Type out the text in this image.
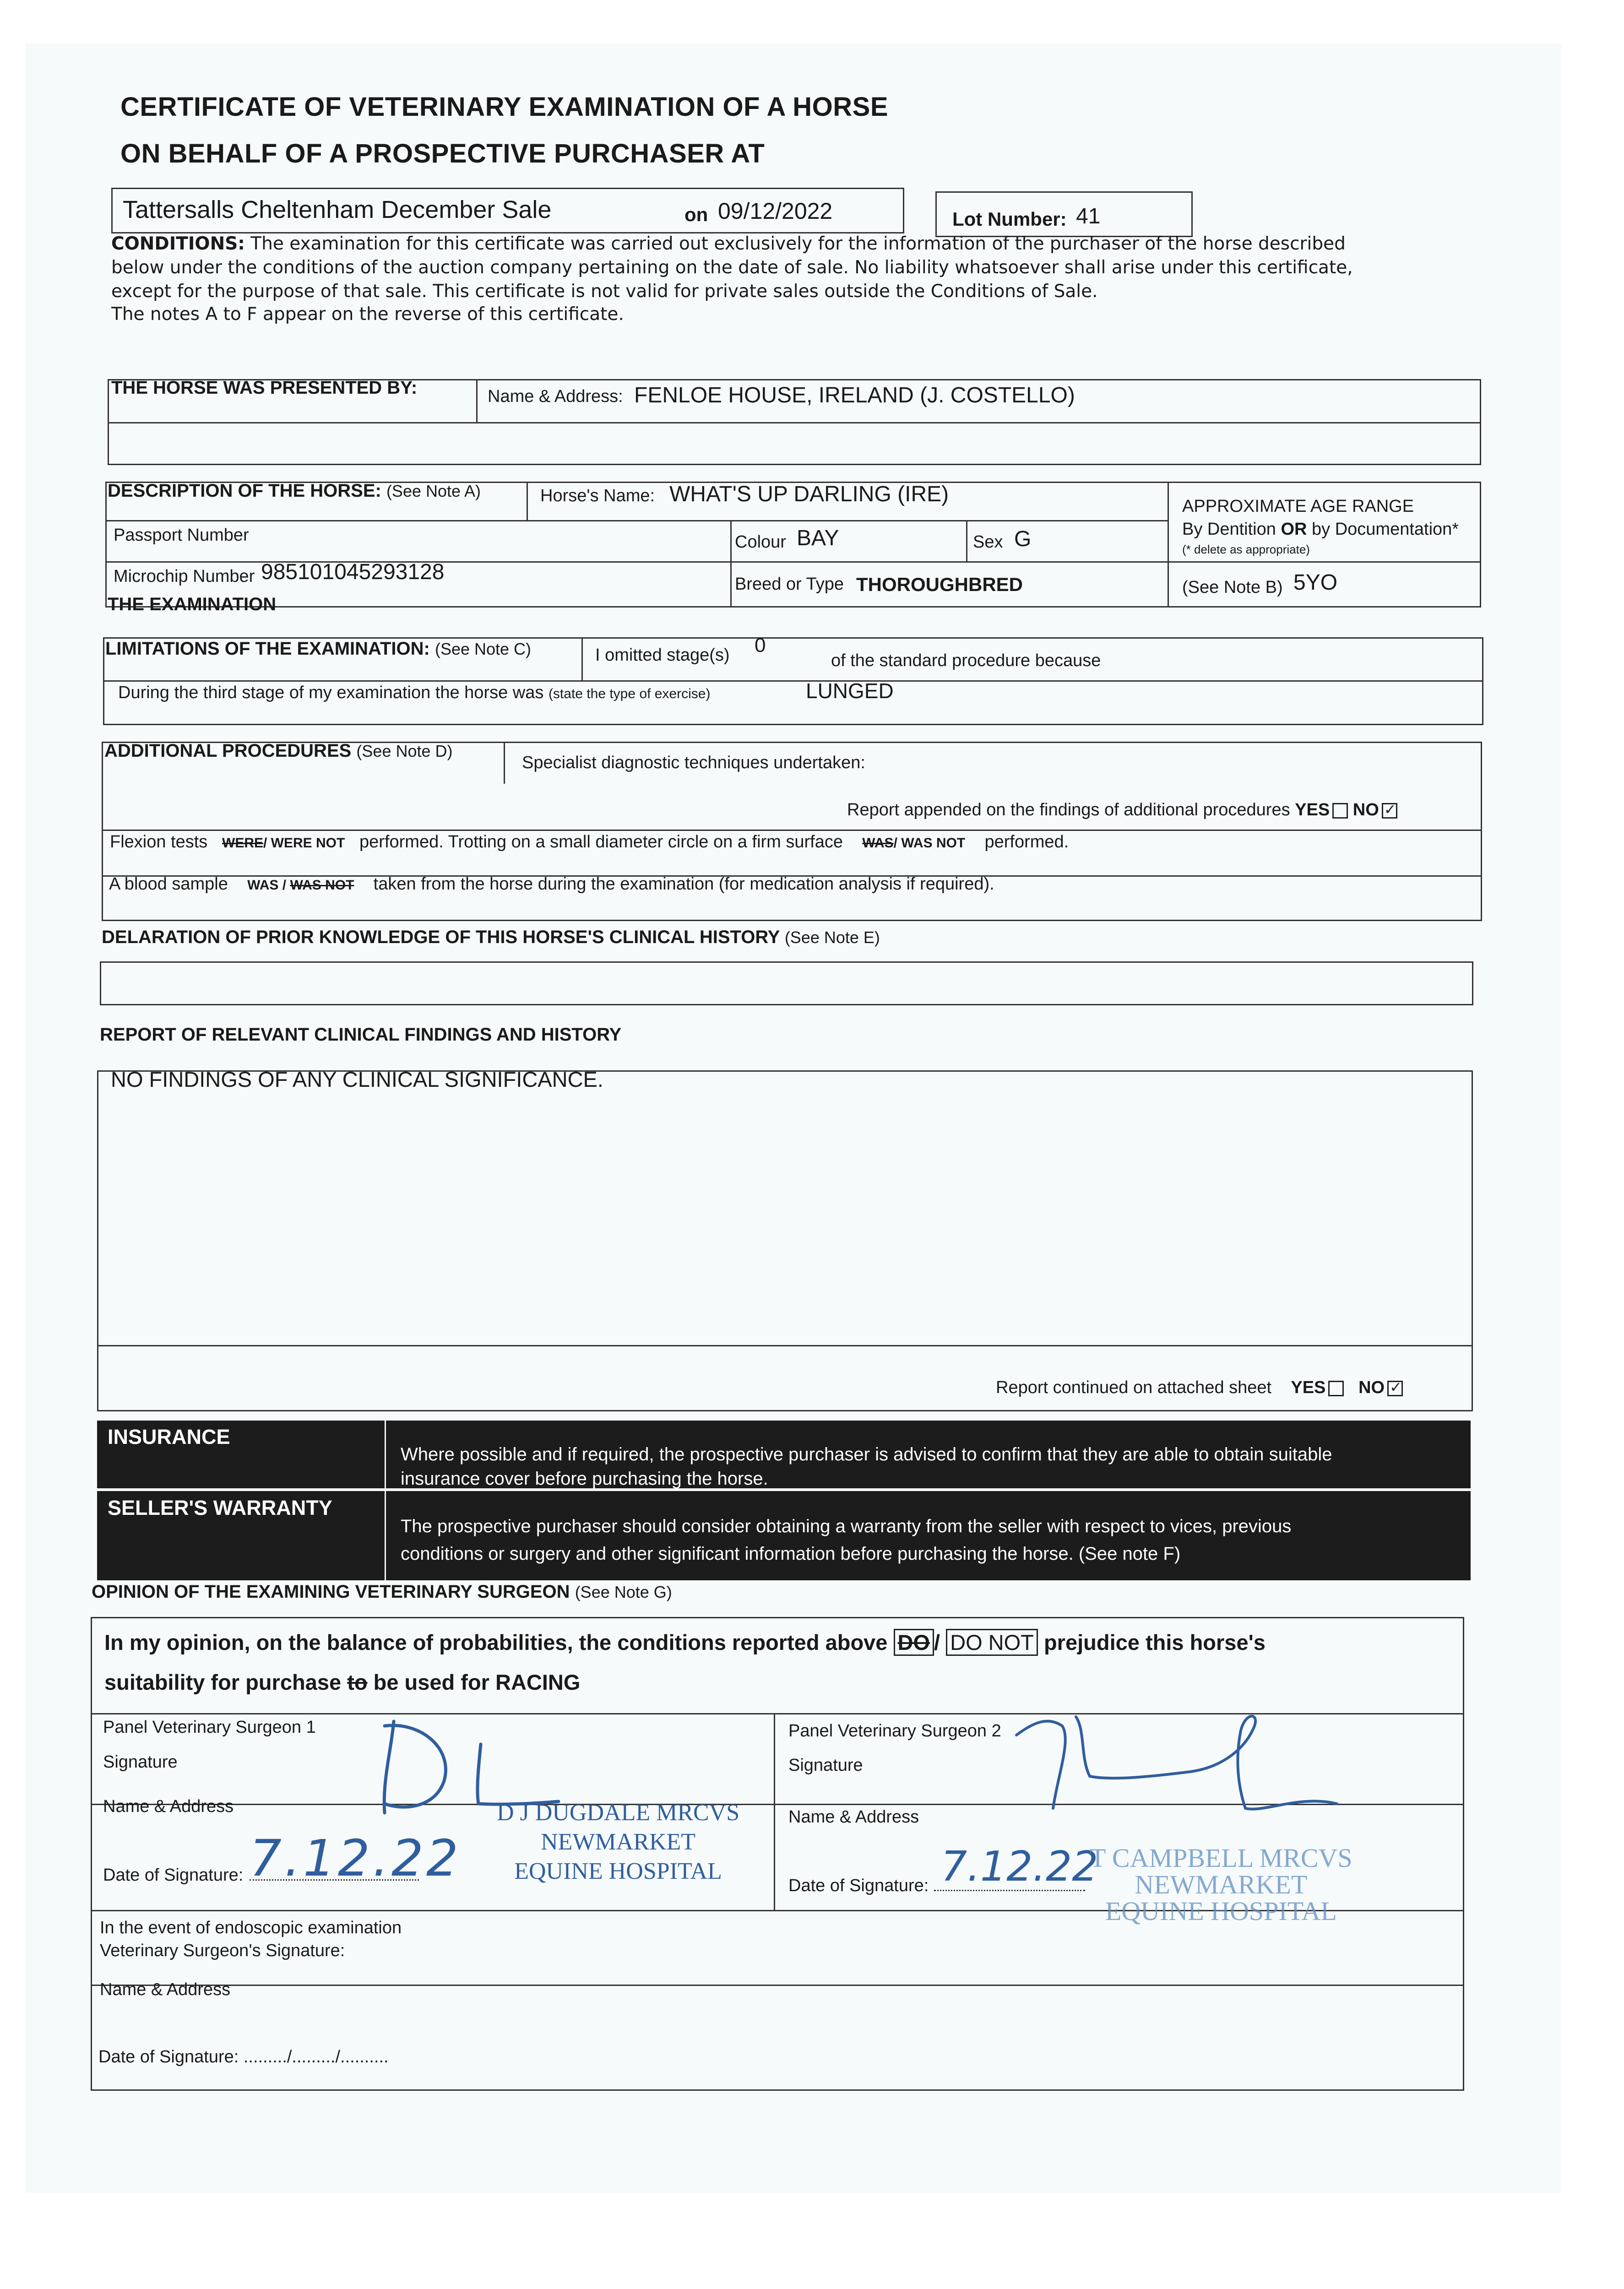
CERTIFICATE OF VETERINARY EXAMINATION OF A HORSE
ON BEHALF OF A PROSPECTIVE PURCHASER AT
Tattersalls Cheltenham December Sale	on 09/12/2022	Lot Number: 41
CONDITIONS: The examination for this certificate was carried out exclusively for the information of the purchaser of the horse described
below under the conditions of the auction company pertaining on the date of sale. No liability whatsoever shall arise under this certificate,
except for the purpose of that sale. This certificate is not valid for private sales outside the Conditions of Sale.
The notes A to F appear on the reverse of this certificate.
THE HORSE WAS PRESENTED BY:	Name & Address: FENLOE HOUSE, IRELAND (J. COSTELLO)
DESCRIPTION OF THE HORSE: (See Note A)	Horse's Name: WHAT'S UP DARLING (IRE)
Passport Number	Colour BAY	Sex G
Microchip Number 985101045293128	Breed or Type THOROUGHBRED
APPROXIMATE AGE RANGE
By Dentition OR by Documentation*
(* delete as appropriate)
(See Note B) 5YO
THE EXAMINATION
LIMITATIONS OF THE EXAMINATION: (See Note C)	I omitted stage(s) 0
of the standard procedure because
During the third stage of my examination the horse was (state the type of exercise)	LUNGED
ADDITIONAL PROCEDURES (See Note D)
Specialist diagnostic techniques undertaken:
Report appended on the findings of additional procedures YES NO✓
Flexion tests WERE/ WERE NOT performed. Trotting on a small diameter circle on a firm surface WAS/ WAS NOT performed.
A blood sample WAS / WAS NOT taken from the horse during the examination (for medication analysis if required).
DELARATION OF PRIOR KNOWLEDGE OF THIS HORSE'S CLINICAL HISTORY (See Note E)
REPORT OF RELEVANT CLINICAL FINDINGS AND HISTORY
NO FINDINGS OF ANY CLINICAL SIGNIFICANCE.
Report continued on attached sheet YES NO✓
INSURANCE
Where possible and if required, the prospective purchaser is advised to confirm that they are able to obtain suitable
insurance cover before purchasing the horse.
SELLER'S WARRANTY
The prospective purchaser should consider obtaining a warranty from the seller with respect to vices, previous
conditions or surgery and other significant information before purchasing the horse. (See note F)
OPINION OF THE EXAMINING VETERINARY SURGEON (See Note G)
In my opinion, on the balance of probabilities, the conditions reported above DO / DO NOT prejudice this horse's
suitability for purchase to be used for RACING
Panel Veterinary Surgeon 1
Signature
Name & Address
Date of Signature: 7.12.22
D J DUGDALE MRCVS
NEWMARKET
EQUINE HOSPITAL
Panel Veterinary Surgeon 2
Signature
Name & Address
Date of Signature: 7.12.22
T CAMPBELL MRCVS
NEWMARKET
EQUINE HOSPITAL
In the event of endoscopic examination
Veterinary Surgeon's Signature:
Name & Address
Date of Signature: ........./........./..........
